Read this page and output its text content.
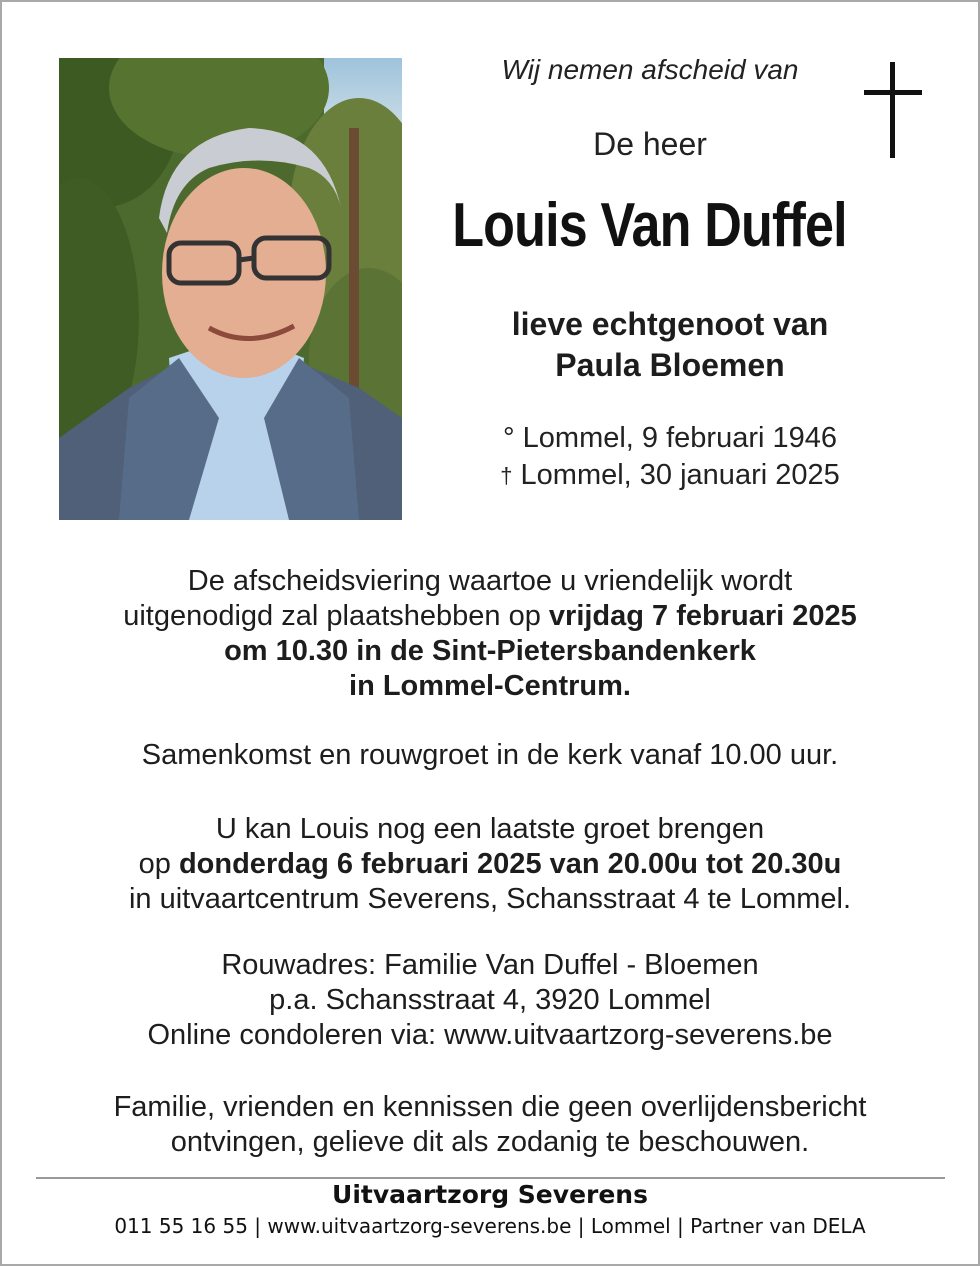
Wij nemen afscheid van
De heer
Louis Van Duffel
lieve echtgenoot van
Paula Bloemen
° Lommel, 9 februari 1946
† Lommel, 30 januari 2025
De afscheidsviering waartoe u vriendelijk wordt
uitgenodigd zal plaatshebben op vrijdag 7 februari 2025
om 10.30 in de Sint-Pietersbandenkerk
in Lommel-Centrum.
Samenkomst en rouwgroet in de kerk vanaf 10.00 uur.
U kan Louis nog een laatste groet brengen
op donderdag 6 februari 2025 van 20.00u tot 20.30u
in uitvaartcentrum Severens, Schansstraat 4 te Lommel.
Rouwadres: Familie Van Duffel - Bloemen
p.a. Schansstraat 4, 3920 Lommel
Online condoleren via: www.uitvaartzorg-severens.be
Familie, vrienden en kennissen die geen overlijdensbericht
ontvingen, gelieve dit als zodanig te beschouwen.
Uitvaartzorg Severens
011 55 16 55 | www.uitvaartzorg-severens.be | Lommel | Partner van DELA
